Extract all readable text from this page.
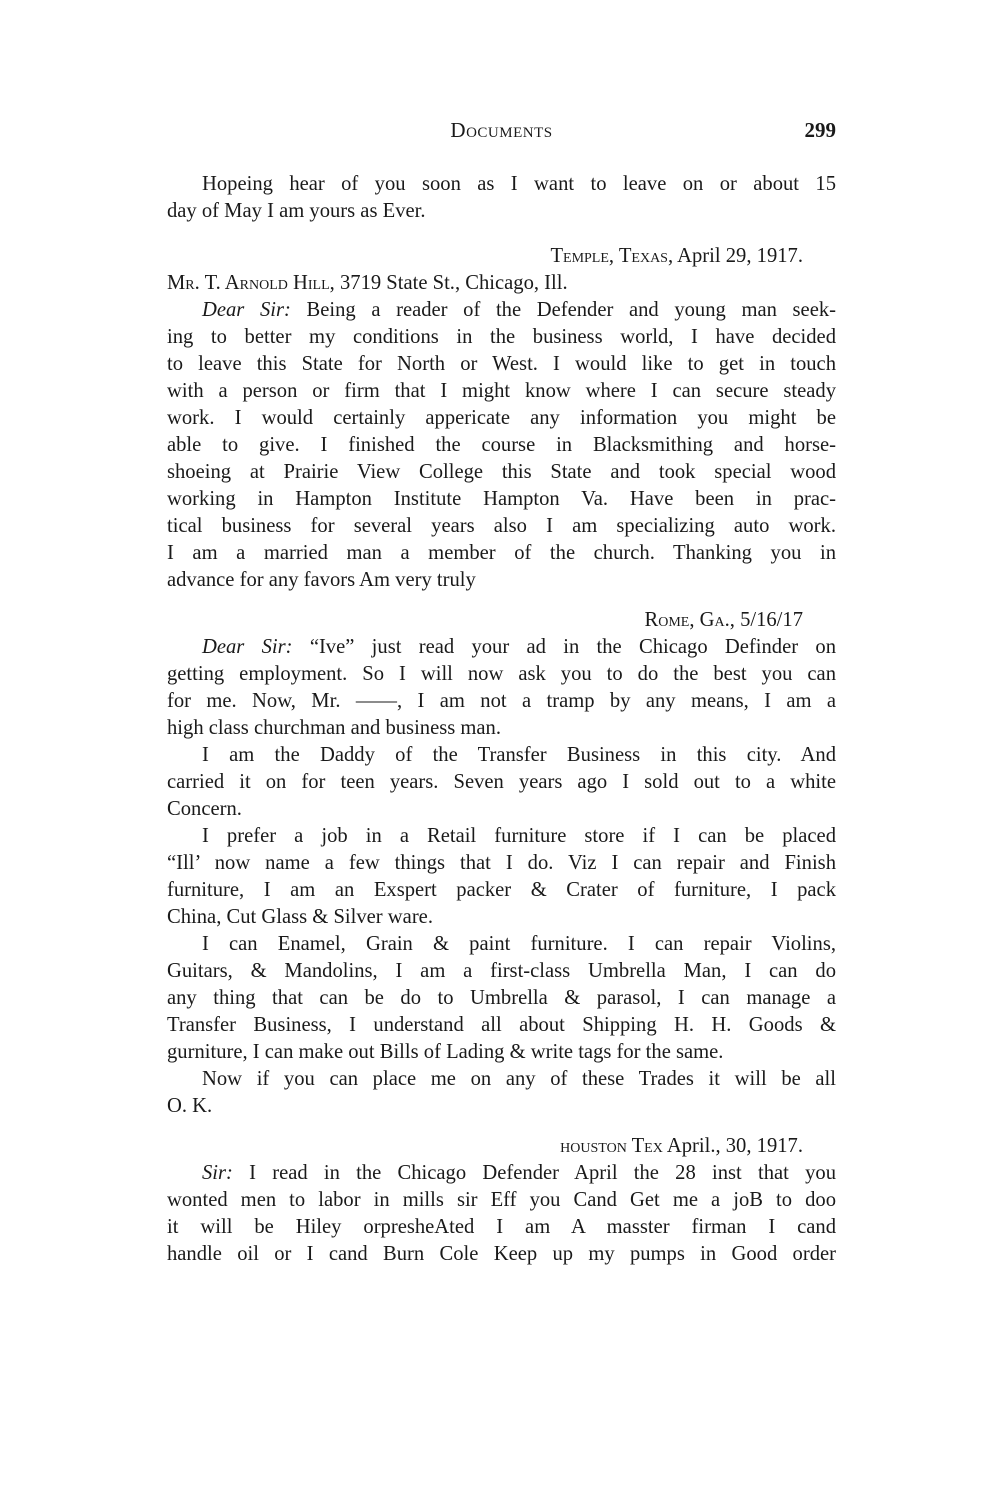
Documents	299
Hopeing hear of you soon as I want to leave on or about 15
day of May I am yours as Ever.
Temple, Texas, April 29, 1917.
Mr. T. Arnold Hill, 3719 State St., Chicago, Ill.
Dear Sir: Being a reader of the Defender and young man seek-
ing to better my conditions in the business world, I have decided
to leave this State for North or West. I would like to get in touch
with a person or firm that I might know where I can secure steady
work. I would certainly appericate any information you might be
able to give. I finished the course in Blacksmithing and horse-
shoeing at Prairie View College this State and took special wood
working in Hampton Institute Hampton Va. Have been in prac-
tical business for several years also I am specializing auto work.
I am a married man a member of the church. Thanking you in
advance for any favors Am very truly
Rome, Ga., 5/16/17
Dear Sir: “Ive” just read your ad in the Chicago Definder on
getting employment. So I will now ask you to do the best you can
for me. Now, Mr. ——, I am not a tramp by any means, I am a
high class churchman and business man.
I am the Daddy of the Transfer Business in this city. And
carried it on for teen years. Seven years ago I sold out to a white
Concern.
I prefer a job in a Retail furniture store if I can be placed
“Ill’ now name a few things that I do. Viz I can repair and Finish
furniture, I am an Exspert packer & Crater of furniture, I pack
China, Cut Glass & Silver ware.
I can Enamel, Grain & paint furniture. I can repair Violins,
Guitars, & Mandolins, I am a first-class Umbrella Man, I can do
any thing that can be do to Umbrella & parasol, I can manage a
Transfer Business, I understand all about Shipping H. H. Goods &
gurniture, I can make out Bills of Lading & write tags for the same.
Now if you can place me on any of these Trades it will be all
O. K.
houston Tex April., 30, 1917.
Sir: I read in the Chicago Defender April the 28 inst that you
wonted men to labor in mills sir Eff you Cand Get me a joB to doo
it will be Hiley orpresheAted I am A masster firman I cand
handle oil or I cand Burn Cole Keep up my pumps in Good order
